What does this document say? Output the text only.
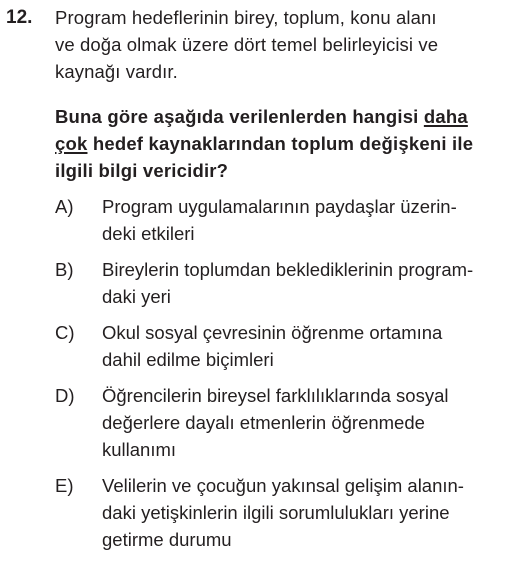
12. Program hedeflerinin birey, toplum, konu alanı
ve doğa olmak üzere dört temel belirleyicisi ve
kaynağı vardır.
Buna göre aşağıda verilenlerden hangisi daha
çok hedef kaynaklarından toplum değişkeni ile
ilgili bilgi vericidir?
A)	Program uygulamalarının paydaşlar üzerin-
deki etkileri
B)	Bireylerin toplumdan beklediklerinin program-
daki yeri
C)	Okul sosyal çevresinin öğrenme ortamına
dahil edilme biçimleri
D)	Öğrencilerin bireysel farklılıklarında sosyal
değerlere dayalı etmenlerin öğrenmede
kullanımı
E)	Velilerin ve çocuğun yakınsal gelişim alanın-
daki yetişkinlerin ilgili sorumlulukları yerine
getirme durumu
